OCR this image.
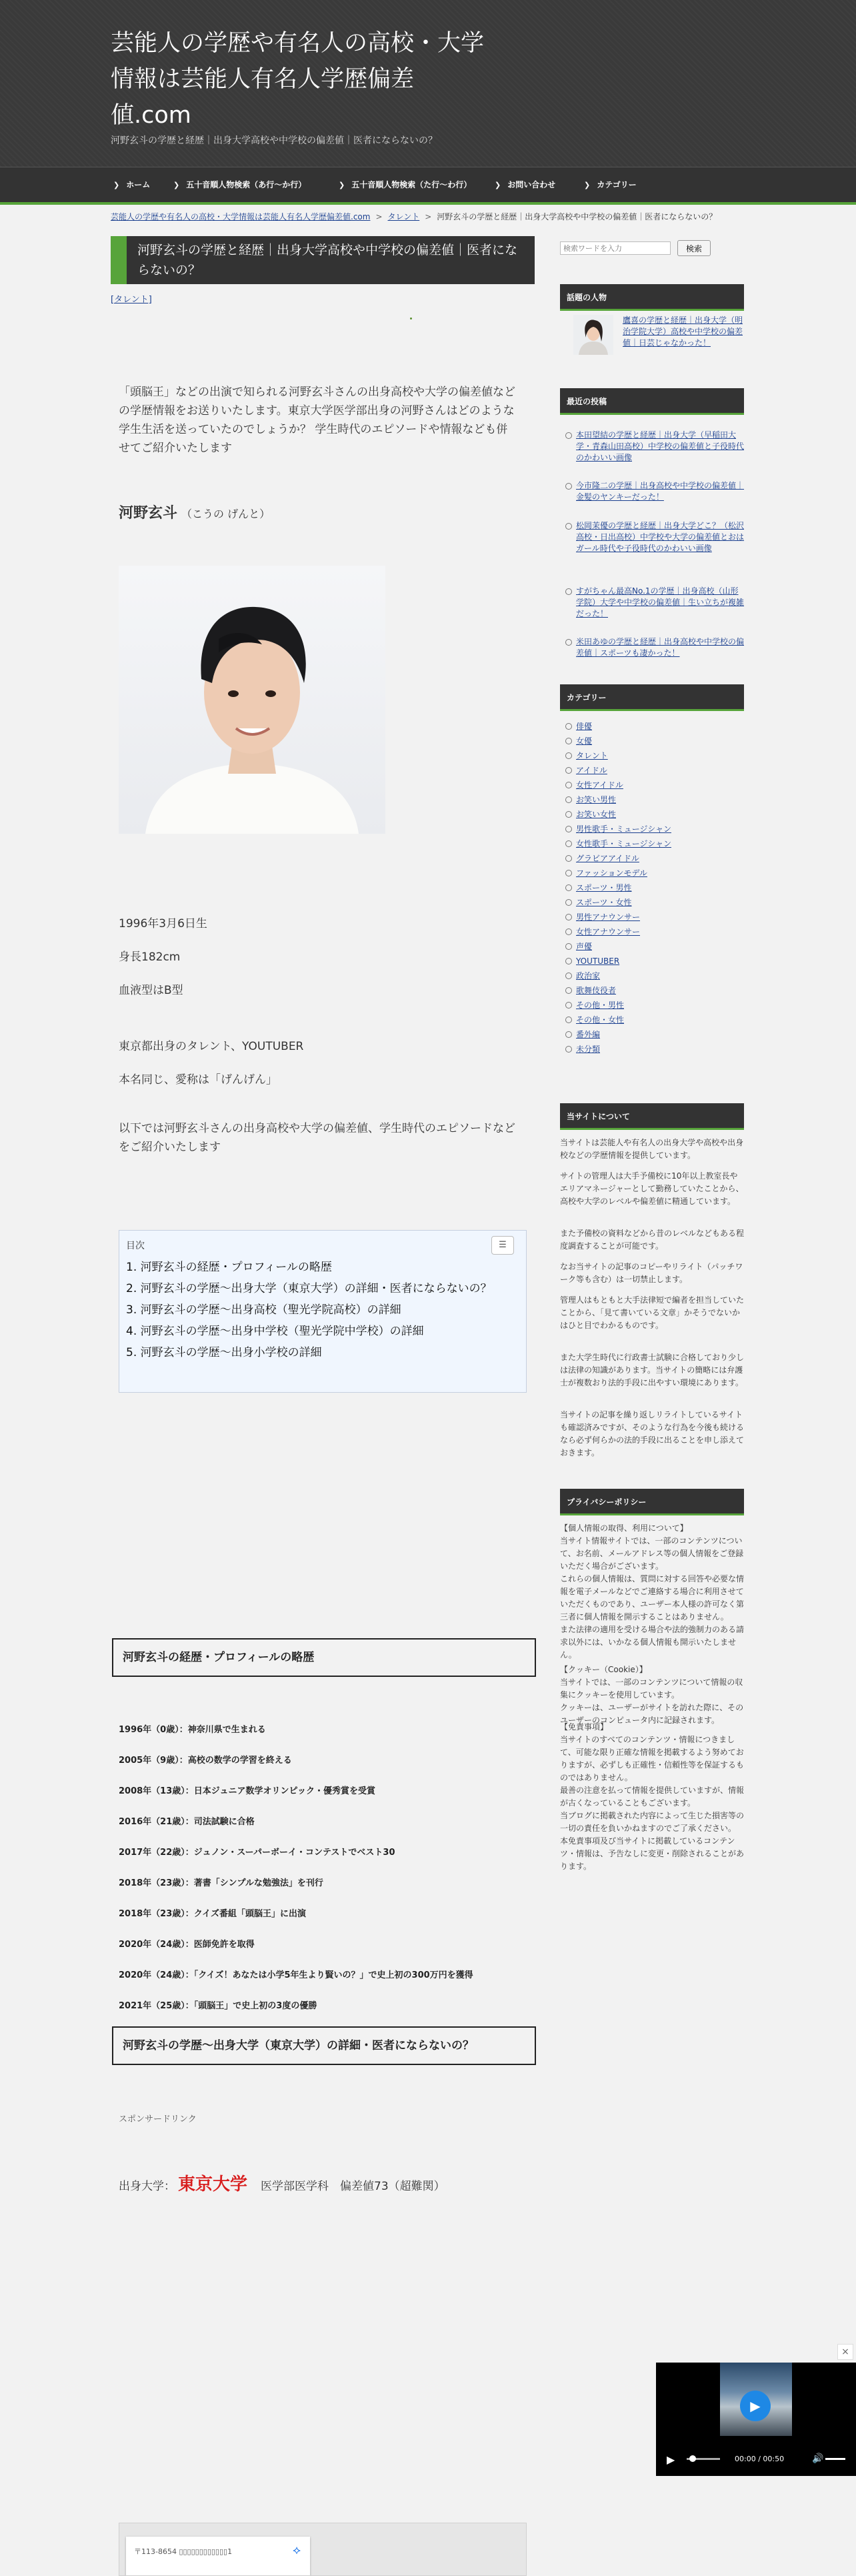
芸能人の学歴や有名人の高校・大学情報は芸能人有名人学歴偏差値.com
河野玄斗の学歴と経歴｜出身大学高校や中学校の偏差値｜医者にならないの？
❯ ホーム	❯ 五十音順人物検索（あ行〜か行）	❯ 五十音順人物検索（た行〜わ行）	❯ お問い合わせ	❯ カテゴリー
芸能人の学歴や有名人の高校・大学情報は芸能人有名人学歴偏差値.com > タレント > 河野玄斗の学歴と経歴｜出身大学高校や中学校の偏差値｜医者にならないの？
河野玄斗の学歴と経歴｜出身大学高校や中学校の偏差値｜医者にならないの？
[タレント]

「頭脳王」などの出演で知られる河野玄斗さんの出身高校や大学の偏差値などの学歴情報をお送りいたします。東京大学医学部出身の河野さんはどのような学生生活を送っていたのでしょうか？ 学生時代のエピソードや情報なども併せてご紹介いたします

河野玄斗 （こうの げんと）
1996年3月6日生
身長182cm
血液型はB型
東京都出身のタレント、YOUTUBER
本名同じ、愛称は「げんげん」

以下では河野玄斗さんの出身高校や大学の偏差値、学生時代のエピソードなどをご紹介いたします

目次	☰
1. 河野玄斗の経歴・プロフィールの略歴
2. 河野玄斗の学歴〜出身大学（東京大学）の詳細・医者にならないの？
3. 河野玄斗の学歴〜出身高校（聖光学院高校）の詳細
4. 河野玄斗の学歴〜出身中学校（聖光学院中学校）の詳細
5. 河野玄斗の学歴〜出身小学校の詳細
河野玄斗の経歴・プロフィールの略歴
1996年（0歳）：神奈川県で生まれる
2005年（9歳）：高校の数学の学習を終える
2008年（13歳）：日本ジュニア数学オリンピック・優秀賞を受賞
2016年（21歳）：司法試験に合格
2017年（22歳）：ジュノン・スーパーボーイ・コンテストでベスト30
2018年（23歳）：著書「シンプルな勉強法」を刊行
2018年（23歳）：クイズ番組「頭脳王」に出演
2020年（24歳）：医師免許を取得
2020年（24歳）：「クイズ！あなたは小学5年生より賢いの？」で史上初の300万円を獲得
2021年（25歳）：「頭脳王」で史上初の3度の優勝
河野玄斗の学歴〜出身大学（東京大学）の詳細・医者にならないの？
スポンサードリンク
出身大学： 東京大学 医学部医学科　偏差値73（超難関）
〒113-8654 ▯▯▯▯▯▯▯▯▯▯▯▯1	⟡
検索ワードを入力
検索
話題の人物
鷹喜の学歴と経歴｜出身大学（明治学院大学）高校や中学校の偏差値｜日芸じゃなかった！
最近の投稿
本田望結の学歴と経歴｜出身大学（早稲田大学・青森山田高校）中学校の偏差値と子役時代のかわいい画像
今市隆二の学歴｜出身高校や中学校の偏差値｜金髪のヤンキーだった！
松岡茉優の学歴と経歴｜出身大学どこ？（松沢高校・日出高校）中学校や大学の偏差値とおはガール時代や子役時代のかわいい画像
すがちゃん最高No.1の学歴｜出身高校（山形学院）大学や中学校の偏差値｜生い立ちが複雑だった！
米田あゆの学歴と経歴｜出身高校や中学校の偏差値｜スポーツも凄かった！
カテゴリー
俳優
女優
タレント
アイドル
女性アイドル
お笑い男性
お笑い女性
男性歌手・ミュージシャン
女性歌手・ミュージシャン
グラビアアイドル
ファッションモデル
スポーツ・男性
スポーツ・女性
男性アナウンサー
女性アナウンサー
声優
YOUTUBER
政治家
歌舞伎役者
その他・男性
その他・女性
番外編
未分類
当サイトについて

当サイトは芸能人や有名人の出身大学や高校や出身校などの学歴情報を提供しています。

サイトの管理人は大手予備校に10年以上教室長やエリアマネージャーとして勤務していたことから、高校や大学のレベルや偏差値に精通しています。

また予備校の資料などから昔のレベルなどもある程度調査することが可能です。

なお当サイトの記事のコピーやリライト（パッチワーク等も含む）は一切禁止します。

管理人はもともと大手法律短で編者を担当していたことから、「見て書いている文章」かそうでないかはひと目でわかるものです。

また大学生時代に行政書士試験に合格しており少しは法律の知識があります。当サイトの簡略には弁護士が複数おり法的手段に出やすい環境にあります。

当サイトの記事を繰り返しリライトしているサイトも確認済みですが、そのような行為を今後も続けるなら必ず何らかの法的手段に出ることを申し添えておきます。

プライバシーポリシー

【個人情報の取得、利用について】
当サイト情報サイトでは、一部のコンテンツについて、お名前、メールアドレス等の個人情報をご登録いただく場合がございます。
これらの個人情報は、質問に対する回答や必要な情報を電子メールなどでご連絡する場合に利用させていただくものであり、ユーザー本人様の許可なく第三者に個人情報を開示することはありません。
また法律の適用を受ける場合や法的強制力のある請求以外には、いかなる個人情報も開示いたしません。

【クッキー（Cookie）】
当サイトでは、一部のコンテンツについて情報の収集にクッキーを使用しています。
クッキーは、ユーザーがサイトを訪れた際に、そのユーザーのコンピュータ内に記録されます。

【免責事項】
当サイトのすべてのコンテンツ・情報につきまして、可能な限り正確な情報を掲載するよう努めておりますが、必ずしも正確性・信頼性等を保証するものではありません。
最善の注意を払って情報を提供していますが、情報が古くなっていることもございます。
当ブログに掲載された内容によって生じた損害等の一切の責任を負いかねますのでご了承ください。
本免責事項及び当サイトに掲載しているコンテンツ・情報は、予告なしに変更・削除されることがあります。

×
▶
▶	00:00 / 00:50	🔊
